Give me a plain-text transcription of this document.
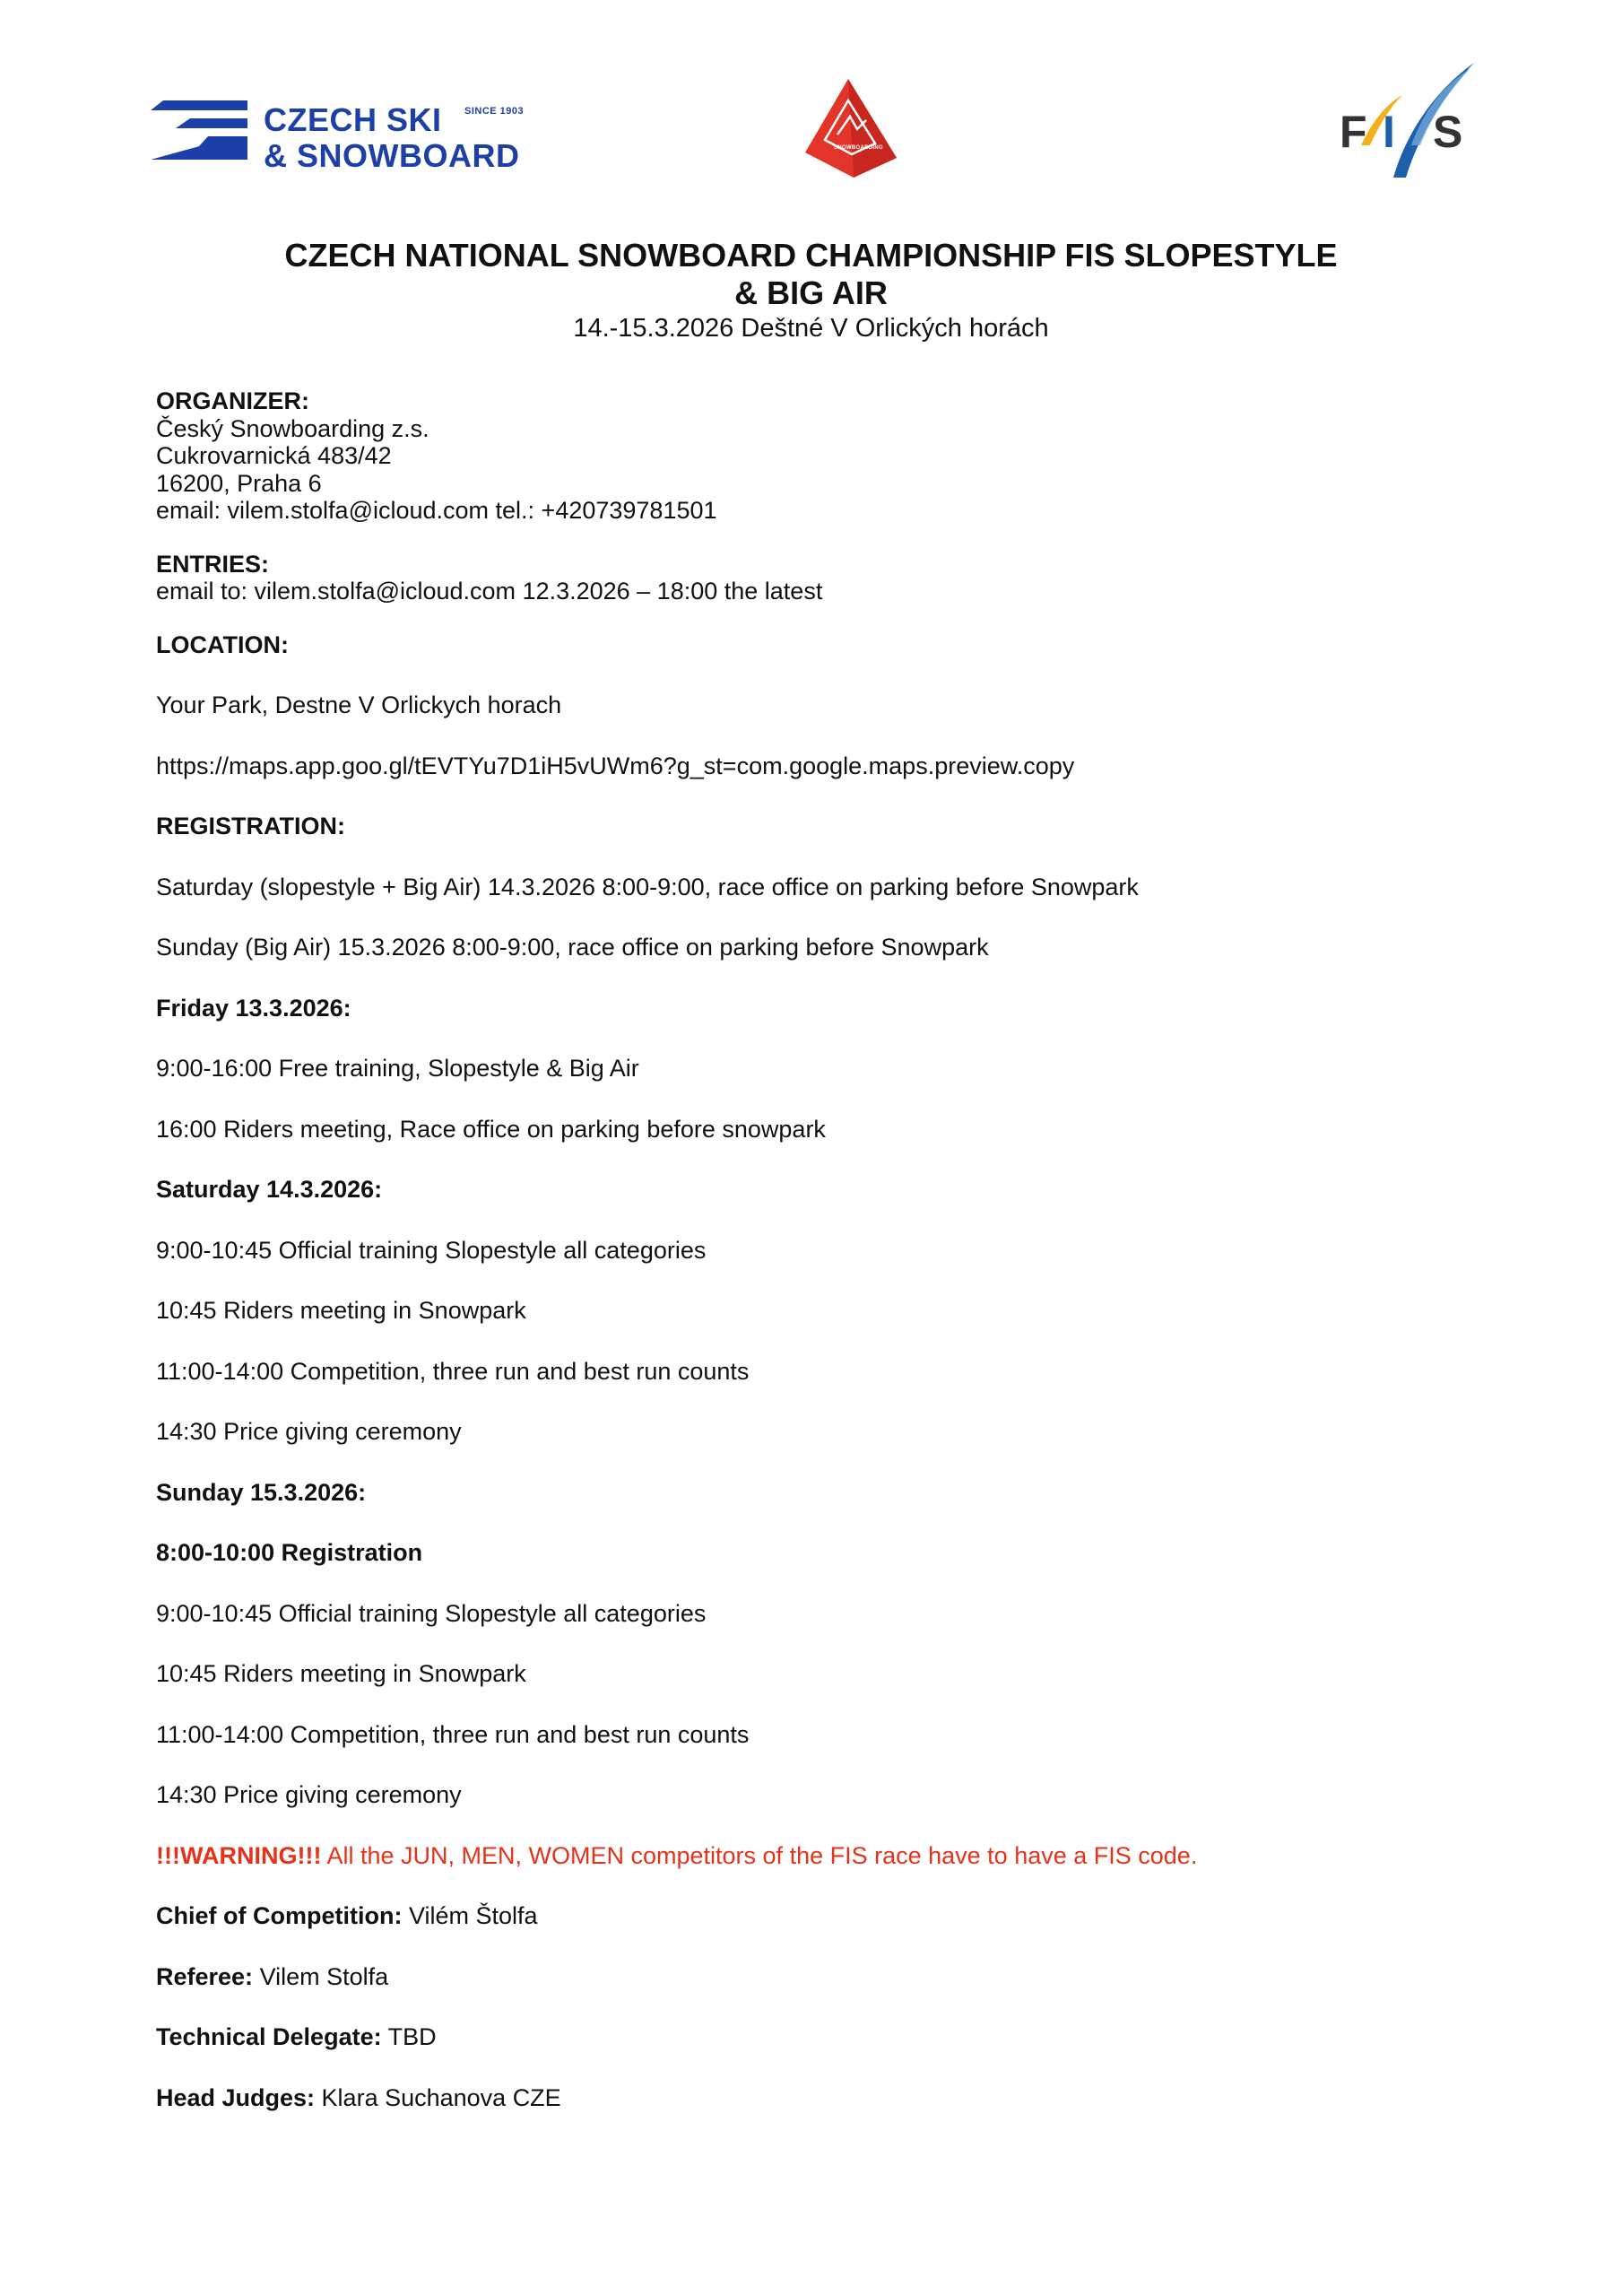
CZECH SKI
& SNOWBOARD
SINCE 1903
SNOWBOARDING	F I S
CZECH NATIONAL SNOWBOARD CHAMPIONSHIP FIS SLOPESTYLE
& BIG AIR
14.-15.3.2026 Deštné V Orlických horách

ORGANIZER:

Český Snowboarding z.s.

Cukrovarnická 483/42

16200, Praha 6

email: vilem.stolfa@icloud.com tel.: +420739781501

ENTRIES:

email to: vilem.stolfa@icloud.com 12.3.2026 – 18:00 the latest

LOCATION:

Your Park, Destne V Orlickych horach

https://maps.app.goo.gl/tEVTYu7D1iH5vUWm6?g_st=com.google.maps.preview.copy

REGISTRATION:

Saturday (slopestyle + Big Air) 14.3.2026 8:00-9:00, race office on parking before Snowpark

Sunday (Big Air) 15.3.2026 8:00-9:00, race office on parking before Snowpark

Friday 13.3.2026:

9:00-16:00 Free training, Slopestyle & Big Air

16:00 Riders meeting, Race office on parking before snowpark

Saturday 14.3.2026:

9:00-10:45 Official training Slopestyle all categories

10:45 Riders meeting in Snowpark

11:00-14:00 Competition, three run and best run counts

14:30 Price giving ceremony

Sunday 15.3.2026:

8:00-10:00 Registration

9:00-10:45 Official training Slopestyle all categories

10:45 Riders meeting in Snowpark

11:00-14:00 Competition, three run and best run counts

14:30 Price giving ceremony

!!!WARNING!!! All the JUN, MEN, WOMEN competitors of the FIS race have to have a FIS code.

Chief of Competition: Vilém Štolfa

Referee: Vilem Stolfa

Technical Delegate: TBD

Head Judges: Klara Suchanova CZE
